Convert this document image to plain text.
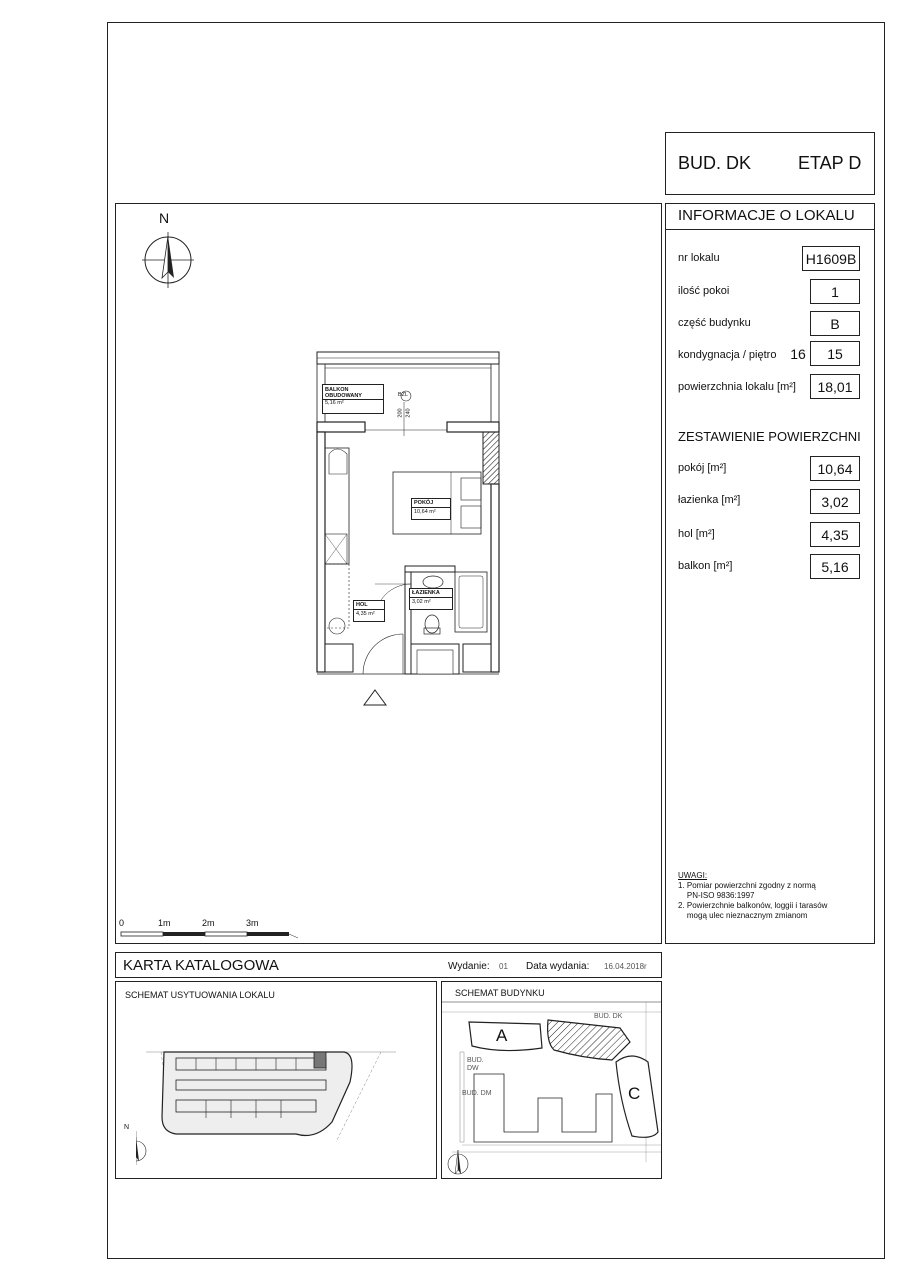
BUD. DK	ETAP D
N
BALKON
OBUDOWANY
5,16 m²
BZL
200 240
POKÓJ
10,64 m²
ŁAZIENKA
3,02 m²
HOL
4,35 m²
0	1m	2m	3m
INFORMACJE O LOKALU
nr lokalu	H1609B
ilość pokoi	1
część budynku	B
kondygnacja / piętro 16	15
powierzchnia lokalu [m²]	18,01
ZESTAWIENIE POWIERZCHNI
pokój [m²]	10,64
łazienka [m²]	3,02
hol [m²]	4,35
balkon [m²]	5,16
UWAGI:
1. Pomiar powierzchni zgodny z normą
PN-ISO 9836:1997
2. Powierzchnie balkonów, loggii i tarasów
mogą ulec nieznacznym zmianom
KARTA KATALOGOWA	Wydanie: 01 Data wydania: 16.04.2018r
SCHEMAT USYTUOWANIA LOKALU
N
SCHEMAT BUDYNKU
A
C
BUD. DK
BUD.
DW
BUD. DM
